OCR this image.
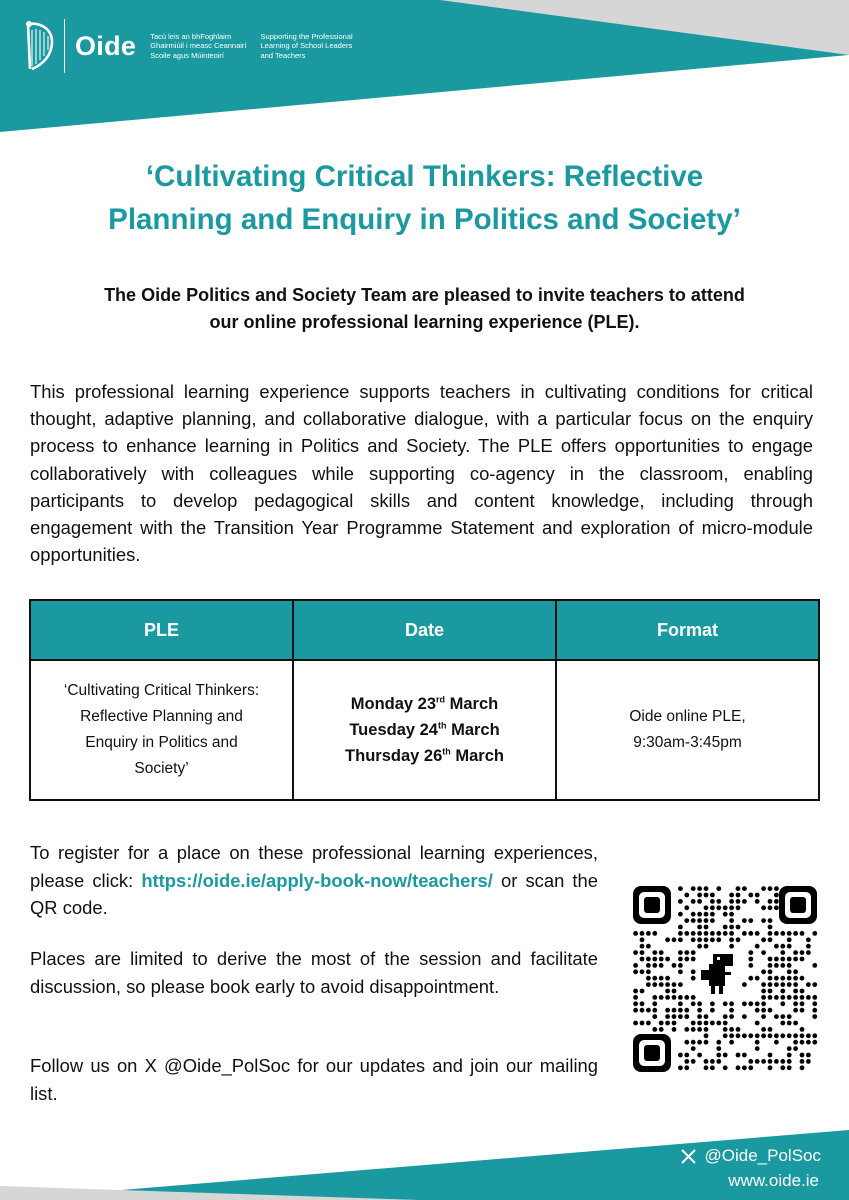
Oide Tacú leis an bhFoghlaim
Ghairmiúil i measc Ceannairí
Scoile agus Múinteoirí
Supporting the Professional
Learning of School Leaders
and Teachers
‘Cultivating Critical Thinkers: Reflective
Planning and Enquiry in Politics and Society’

The Oide Politics and Society Team are pleased to invite teachers to attend
our online professional learning experience (PLE).

This professional learning experience supports teachers in cultivating conditions for critical thought, adaptive planning, and collaborative dialogue, with a particular focus on the enquiry process to enhance learning in Politics and Society. The PLE offers opportunities to engage collaboratively with colleagues while supporting co-agency in the classroom, enabling participants to develop pedagogical skills and content knowledge, including through engagement with the Transition Year Programme Statement and exploration of micro-module opportunities.

PLE	Date	Format

‘Cultivating Critical Thinkers:
Reflective Planning and
Enquiry in Politics and
Society’	Monday 23rd March
Tuesday 24th March
Thursday 26th March	Oide online PLE,
9:30am-3:45pm

To register for a place on these professional learning experiences, please click: https://oide.ie/apply-book-now/teachers/ or scan the QR code.

Places are limited to derive the most of the session and facilitate discussion, so please book early to avoid disappointment.

Follow us on X @Oide_PolSoc for our updates and join our mailing list.

@Oide_PolSoc
www.oide.ie
